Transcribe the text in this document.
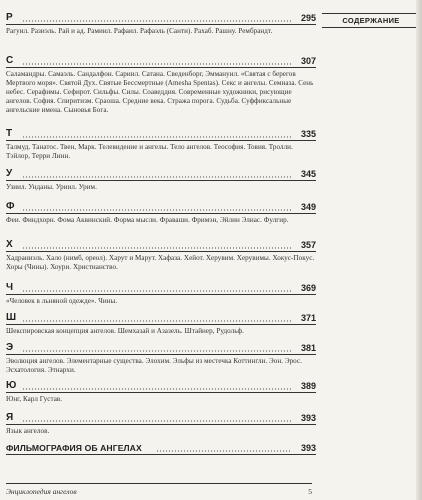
Р	295

Рагуил. Разиэль. Рай и ад. Рамиил. Рафаил. Рафаэль (Санти). Рахаб. Рашну. Рембрандт.

С	307

Саламандры. Самаэль. Сандалфон. Сариил. Сатана. Сведенборг, Эммануил. «Святая с берегов Мертвого моря». Святой Дух. Святые Бессмертные (Amesha Spentas). Секс и ангелы. Семиаза. Сень небес. Серафимы. Сефирот. Сильфы. Силы. Соаведдия. Современные художники, рисующие ангелов. София. Спиритизм. Сраоша. Средние века. Стража порога. Судьба. Суффиксальные ангельские имена. Сыновья Бога.

Т	335

Талмуд. Танатос. Твен, Марк. Телевидение и ангелы. Тело ангелов. Теософия. Товия. Тролли. Тэйлор, Терри Линн.

У	345

Узиил. Унданы. Уриил. Урим.

Ф	349

Феи. Финдхорн. Фома Аквинский. Форма мысли. Фраваши. Фримэн, Эйлин Элиас. Фулгир.

Х	357

Хадраниэль. Хало (нимб, ореол). Харут и Марут. Хафаза. Хейот. Херувим. Херувимы. Хокус-Покус. Хоры (Чины). Хоури. Христианство.

Ч	369

«Человек в льняной одежде». Чины.

Ш	371

Шекспировская концепция ангелов. Шемхазай и Азазель. Штайнер, Рудольф.

Э	381

Эволюция ангелов. Элементарные существа. Элохим. Эльфы из местечка Коттингли. Эон. Эрос. Эсхатология. Этнархи.

Ю	389

Юнг, Карл Густав.

Я	393

Язык ангелов.

ФИЛЬМОГРАФИЯ ОБ АНГЕЛАХ	393
СОДЕРЖАНИЕ
Энциклопедия ангелов	5
